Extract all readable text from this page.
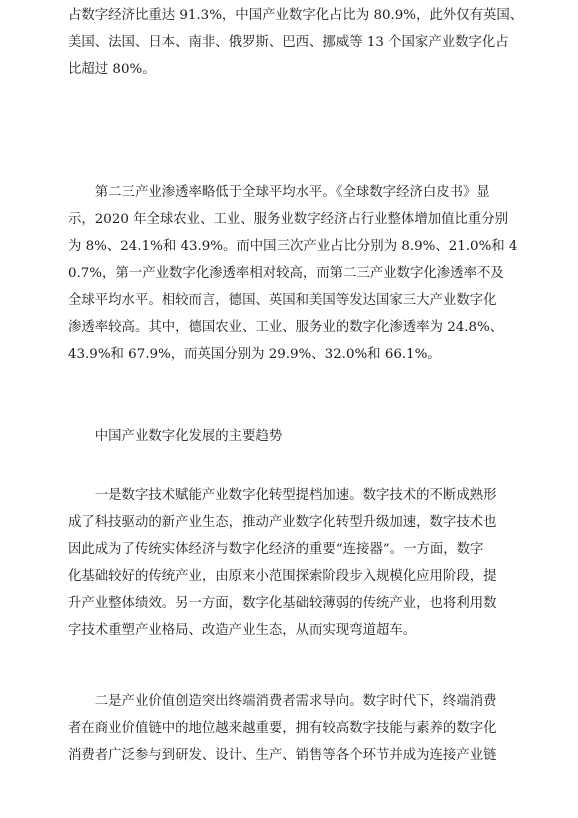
占数字经济比重达 91.3%，中国产业数字化占比为 80.9%，此外仅有英国、
美国、法国、日本、南非、俄罗斯、巴西、挪威等 13 个国家产业数字化占
比超过 80%。
　　第二三产业渗透率略低于全球平均水平。《全球数字经济白皮书》显
示，2020 年全球农业、工业、服务业数字经济占行业整体增加值比重分别
为 8%、24.1%和 43.9%。而中国三次产业占比分别为 8.9%、21.0%和 4
0.7%，第一产业数字化渗透率相对较高，而第二三产业数字化渗透率不及
全球平均水平。相较而言，德国、英国和美国等发达国家三大产业数字化
渗透率较高。其中，德国农业、工业、服务业的数字化渗透率为 24.8%、
43.9%和 67.9%，而英国分别为 29.9%、32.0%和 66.1%。
　　中国产业数字化发展的主要趋势
　　一是数字技术赋能产业数字化转型提档加速。数字技术的不断成熟形
成了科技驱动的新产业生态，推动产业数字化转型升级加速，数字技术也
因此成为了传统实体经济与数字化经济的重要“连接器”。一方面，数字
化基础较好的传统产业，由原来小范围探索阶段步入规模化应用阶段，提
升产业整体绩效。另一方面，数字化基础较薄弱的传统产业，也将利用数
字技术重塑产业格局、改造产业生态，从而实现弯道超车。
　　二是产业价值创造突出终端消费者需求导向。数字时代下，终端消费
者在商业价值链中的地位越来越重要，拥有较高数字技能与素养的数字化
消费者广泛参与到研发、设计、生产、销售等各个环节并成为连接产业链
